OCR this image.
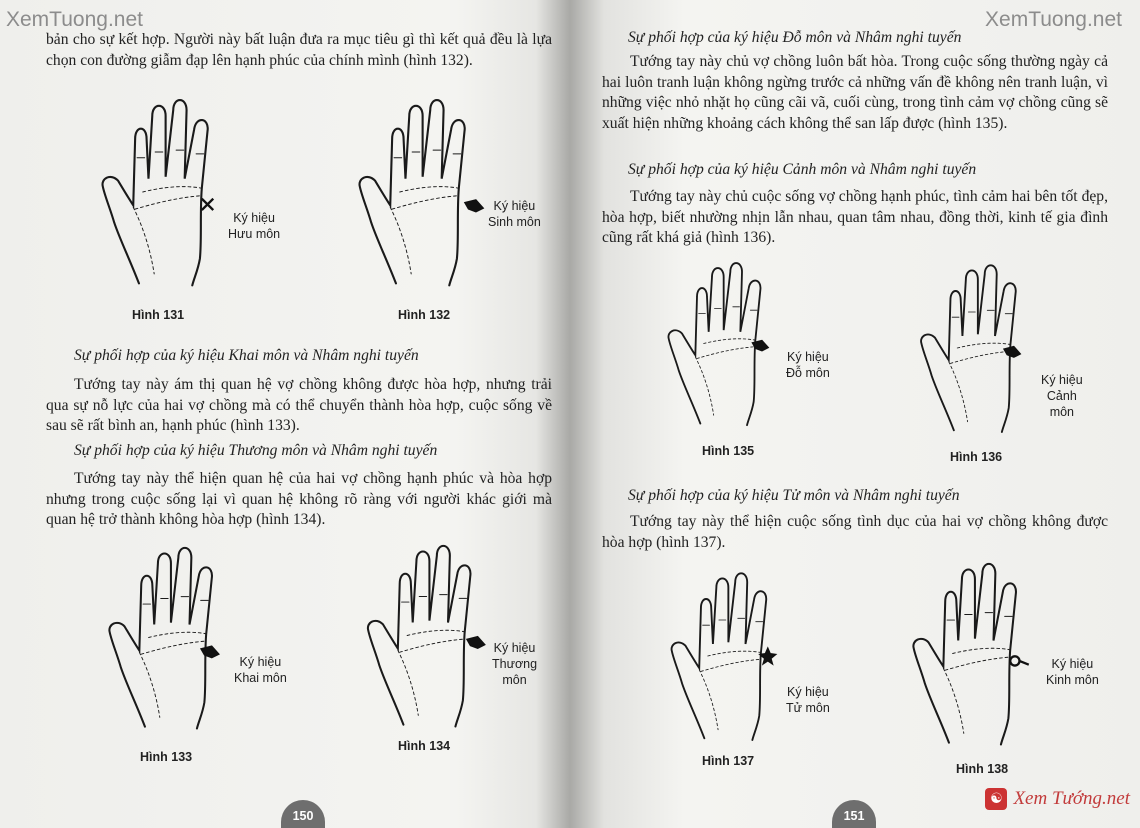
XemTuong.net

bản cho sự kết hợp. Người này bất luận đưa ra mục tiêu gì thì kết quả đều là lựa chọn con đường giẫm đạp lên hạnh phúc của chính mình (hình 132).

Ký hiệu
Hưu môn
Hình 131
Ký hiệu
Sinh môn
Hình 132

Sự phối hợp của ký hiệu Khai môn và Nhâm nghi tuyến

Tướng tay này ám thị quan hệ vợ chồng không được hòa hợp, nhưng trải qua sự nỗ lực của hai vợ chồng mà có thể chuyển thành hòa hợp, cuộc sống về sau sẽ rất bình an, hạnh phúc (hình 133).

Sự phối hợp của ký hiệu Thương môn và Nhâm nghi tuyến

Tướng tay này thể hiện quan hệ của hai vợ chồng hạnh phúc và hòa hợp nhưng trong cuộc sống lại vì quan hệ không rõ ràng với người khác giới mà quan hệ trở thành không hòa hợp (hình 134).

Ký hiệu
Khai môn
Hình 133
Ký hiệu
Thương
môn
Hình 134
150
XemTuong.net

Sự phối hợp của ký hiệu Đỗ môn và Nhâm nghi tuyến

Tướng tay này chủ vợ chồng luôn bất hòa. Trong cuộc sống thường ngày cả hai luôn tranh luận không ngừng trước cả những vấn đề không nên tranh luận, vì những việc nhỏ nhặt họ cũng cãi vã, cuối cùng, trong tình cảm vợ chồng cũng sẽ xuất hiện những khoảng cách không thể san lấp được (hình 135).

Sự phối hợp của ký hiệu Cảnh môn và Nhâm nghi tuyến

Tướng tay này chủ cuộc sống vợ chồng hạnh phúc, tình cảm hai bên tốt đẹp, hòa hợp, biết nhường nhịn lẫn nhau, quan tâm nhau, đồng thời, kinh tế gia đình cũng rất khá giả (hình 136).

Ký hiệu
Đỗ môn
Hình 135
Ký hiệu
Cảnh
môn
Hình 136

Sự phối hợp của ký hiệu Tử môn và Nhâm nghi tuyến

Tướng tay này thể hiện cuộc sống tình dục của hai vợ chồng không được hòa hợp (hình 137).

Ký hiệu
Tử môn
Hình 137
Ký hiệu
Kinh môn
Hình 138
151
☯ Xem Tướng.net
